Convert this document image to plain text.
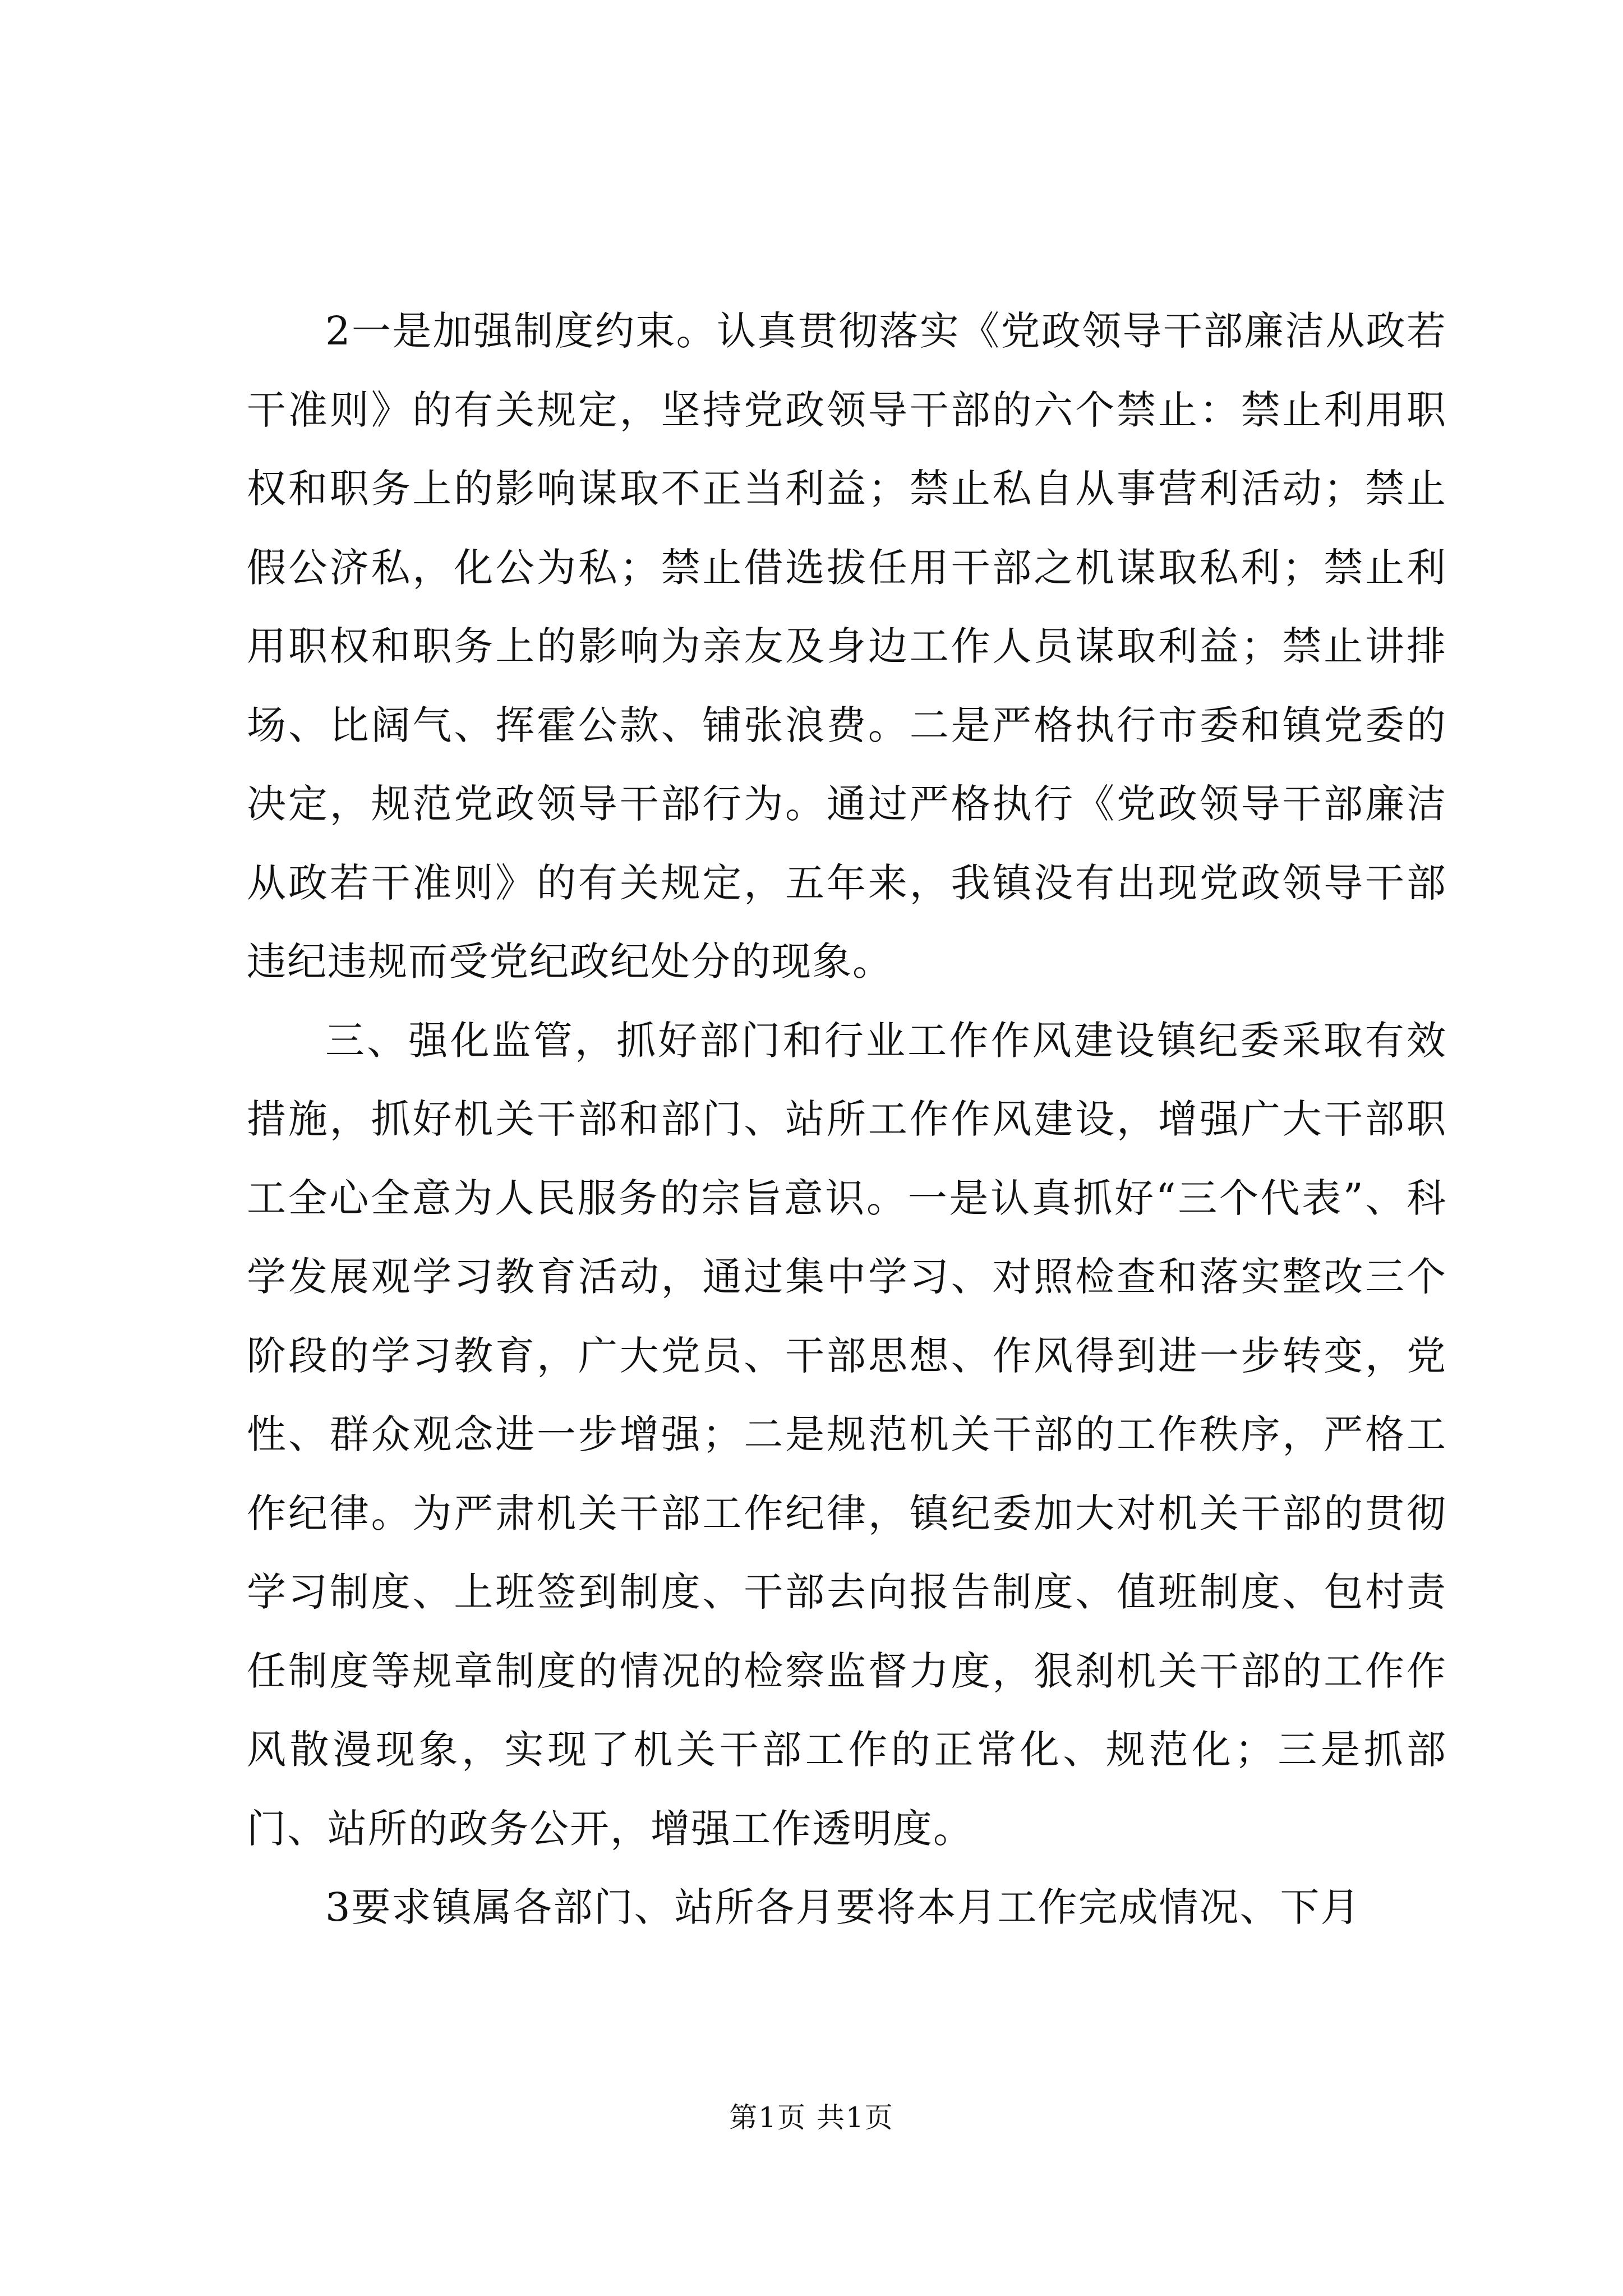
2一是加强制度约束。认真贯彻落实《党政领导干部廉洁从政若干准则》的有关规定，坚持党政领导干部的六个禁止：禁止利用职权和职务上的影响谋取不正当利益；禁止私自从事营利活动；禁止假公济私，化公为私；禁止借选拔任用干部之机谋取私利；禁止利用职权和职务上的影响为亲友及身边工作人员谋取利益；禁止讲排场、比阔气、挥霍公款、铺张浪费。二是严格执行市委和镇党委的决定，规范党政领导干部行为。通过严格执行《党政领导干部廉洁从政若干准则》的有关规定，五年来，我镇没有出现党政领导干部违纪违规而受党纪政纪处分的现象。

三、强化监管，抓好部门和行业工作作风建设镇纪委采取有效措施，抓好机关干部和部门、站所工作作风建设，增强广大干部职工全心全意为人民服务的宗旨意识。一是认真抓好“三个代表”、科学发展观学习教育活动，通过集中学习、对照检查和落实整改三个阶段的学习教育，广大党员、干部思想、作风得到进一步转变，党性、群众观念进一步增强；二是规范机关干部的工作秩序，严格工作纪律。为严肃机关干部工作纪律，镇纪委加大对机关干部的贯彻学习制度、上班签到制度、干部去向报告制度、值班制度、包村责任制度等规章制度的情况的检察监督力度，狠刹机关干部的工作作风散漫现象，实现了机关干部工作的正常化、规范化；三是抓部门、站所的政务公开，增强工作透明度。

3要求镇属各部门、站所各月要将本月工作完成情况、下月

第1页 共1页
